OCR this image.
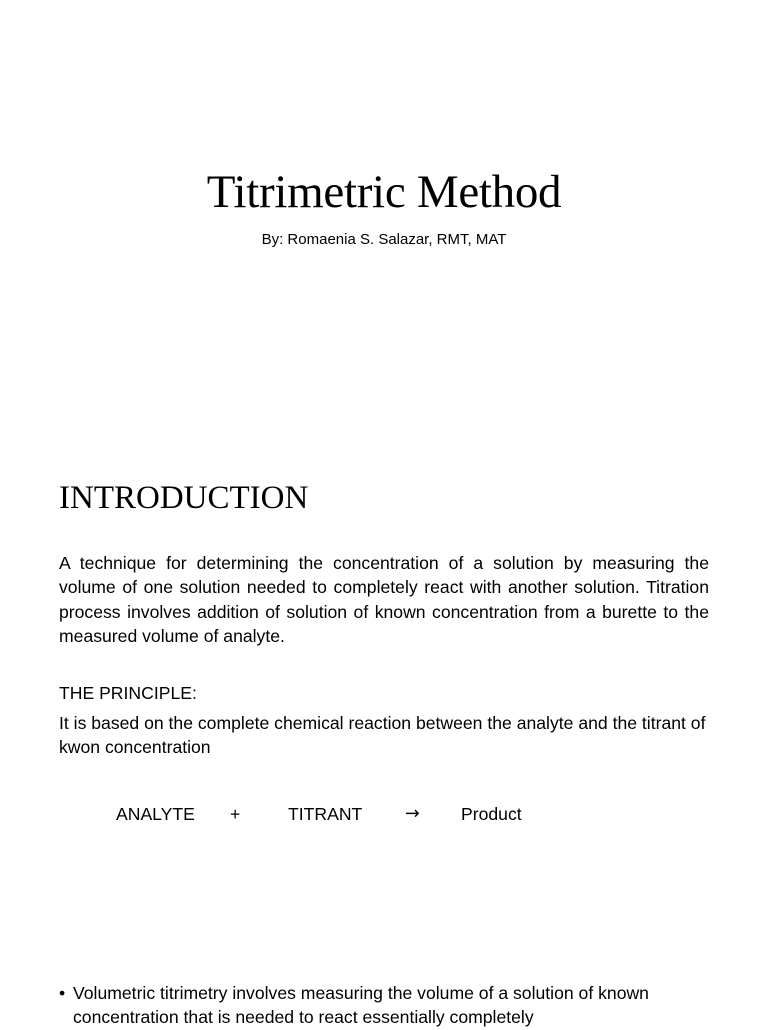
Titrimetric Method

By: Romaenia S. Salazar, RMT, MAT

INTRODUCTION

A technique for determining the concentration of a solution by measuring the volume of one solution needed to completely react with another solution. Titration process involves addition of solution of known concentration from a burette to the measured volume of analyte.

THE PRINCIPLE:

It is based on the complete chemical reaction between the analyte and the titrant of kwon concentration

ANALYTE +	TITRANT → Product
• Volumetric titrimetry involves measuring the volume of a solution of known concentration that is needed to react essentially completely
